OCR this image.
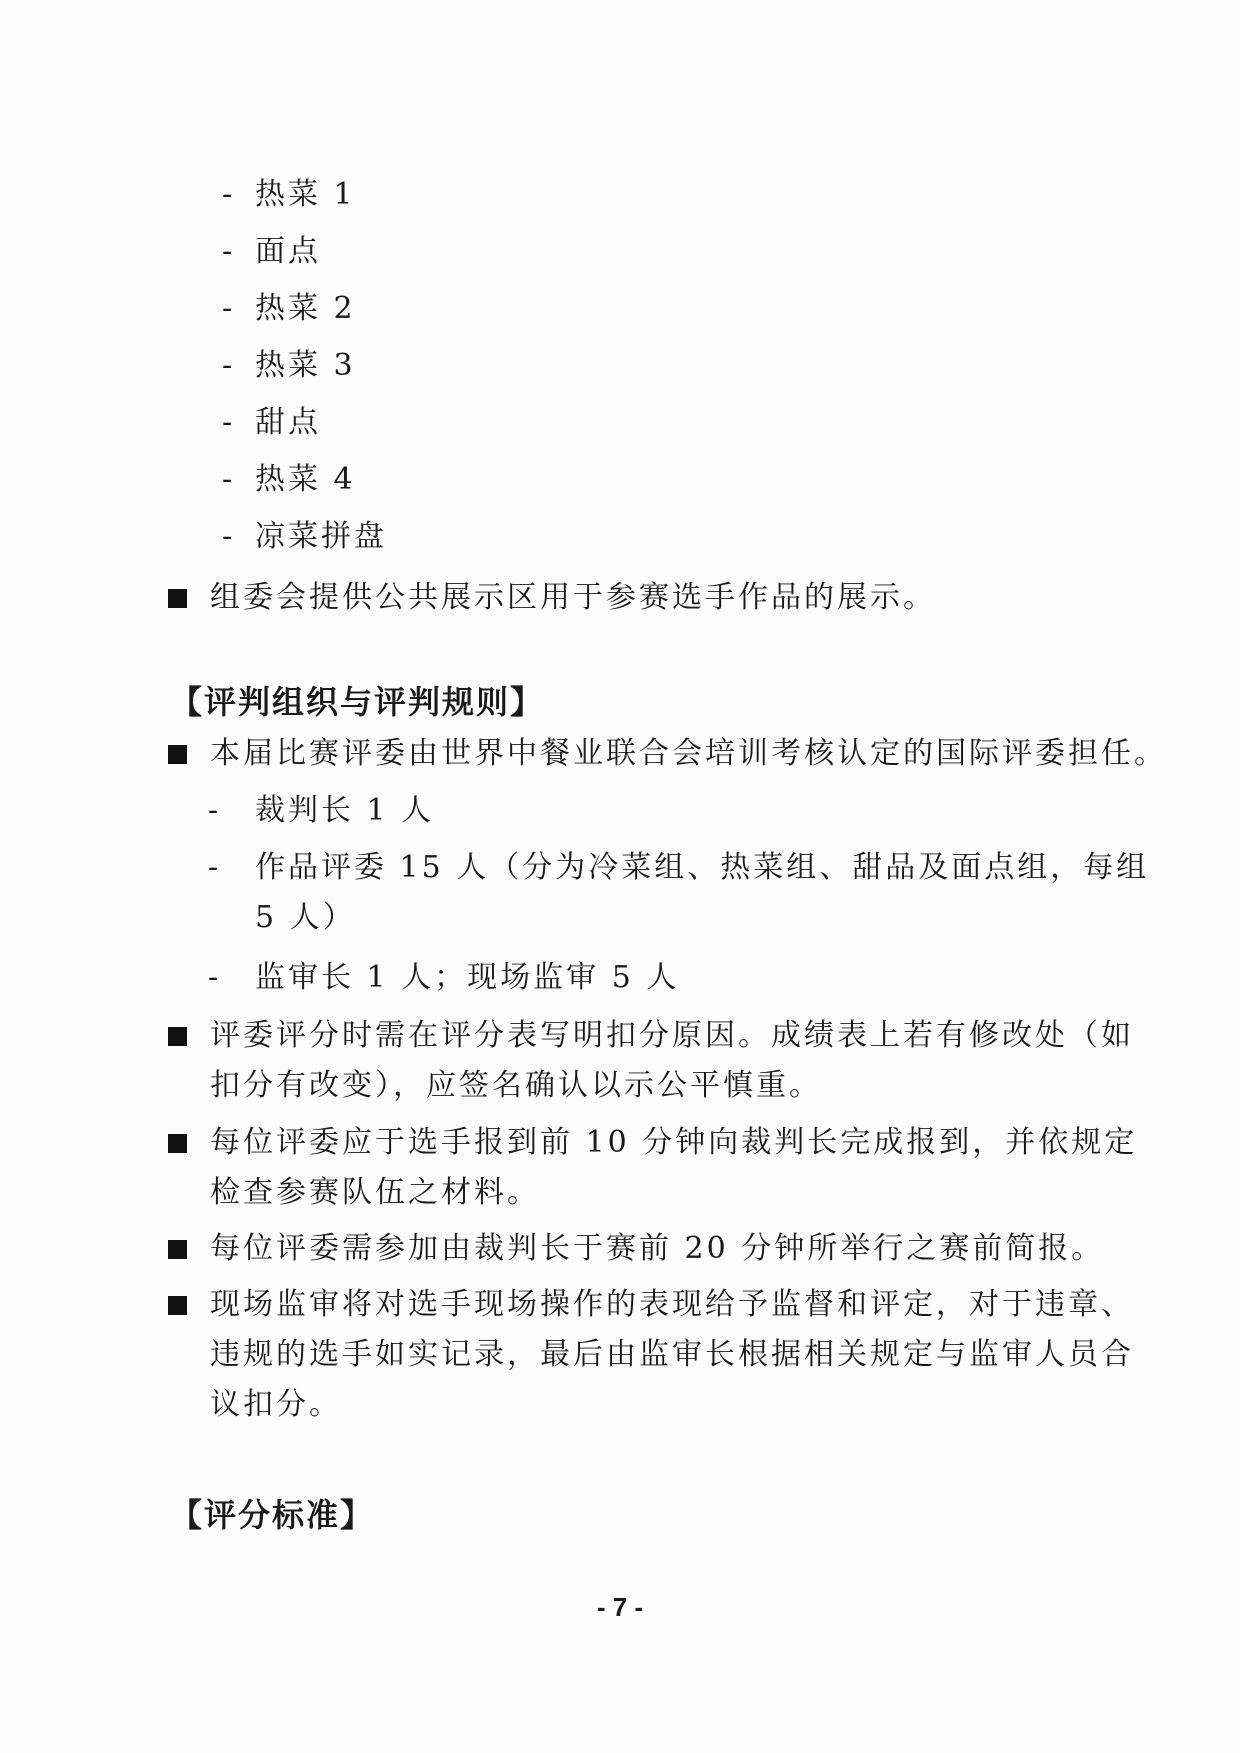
- 热菜 1
- 面点
- 热菜 2
- 热菜 3
- 甜点
- 热菜 4
- 凉菜拼盘
组委会提供公共展示区用于参赛选手作品的展示。
【评判组织与评判规则】
本届比赛评委由世界中餐业联合会培训考核认定的国际评委担任。
- 裁判长 1 人
- 作品评委 15 人（分为冷菜组、热菜组、甜品及面点组，每组
5 人）
- 监审长 1 人；现场监审 5 人
评委评分时需在评分表写明扣分原因。成绩表上若有修改处（如
扣分有改变），应签名确认以示公平慎重。
每位评委应于选手报到前 10 分钟向裁判长完成报到，并依规定
检查参赛队伍之材料。
每位评委需参加由裁判长于赛前 20 分钟所举行之赛前简报。
现场监审将对选手现场操作的表现给予监督和评定，对于违章、
违规的选手如实记录，最后由监审长根据相关规定与监审人员合
议扣分。
【评分标准】
- 7 -
